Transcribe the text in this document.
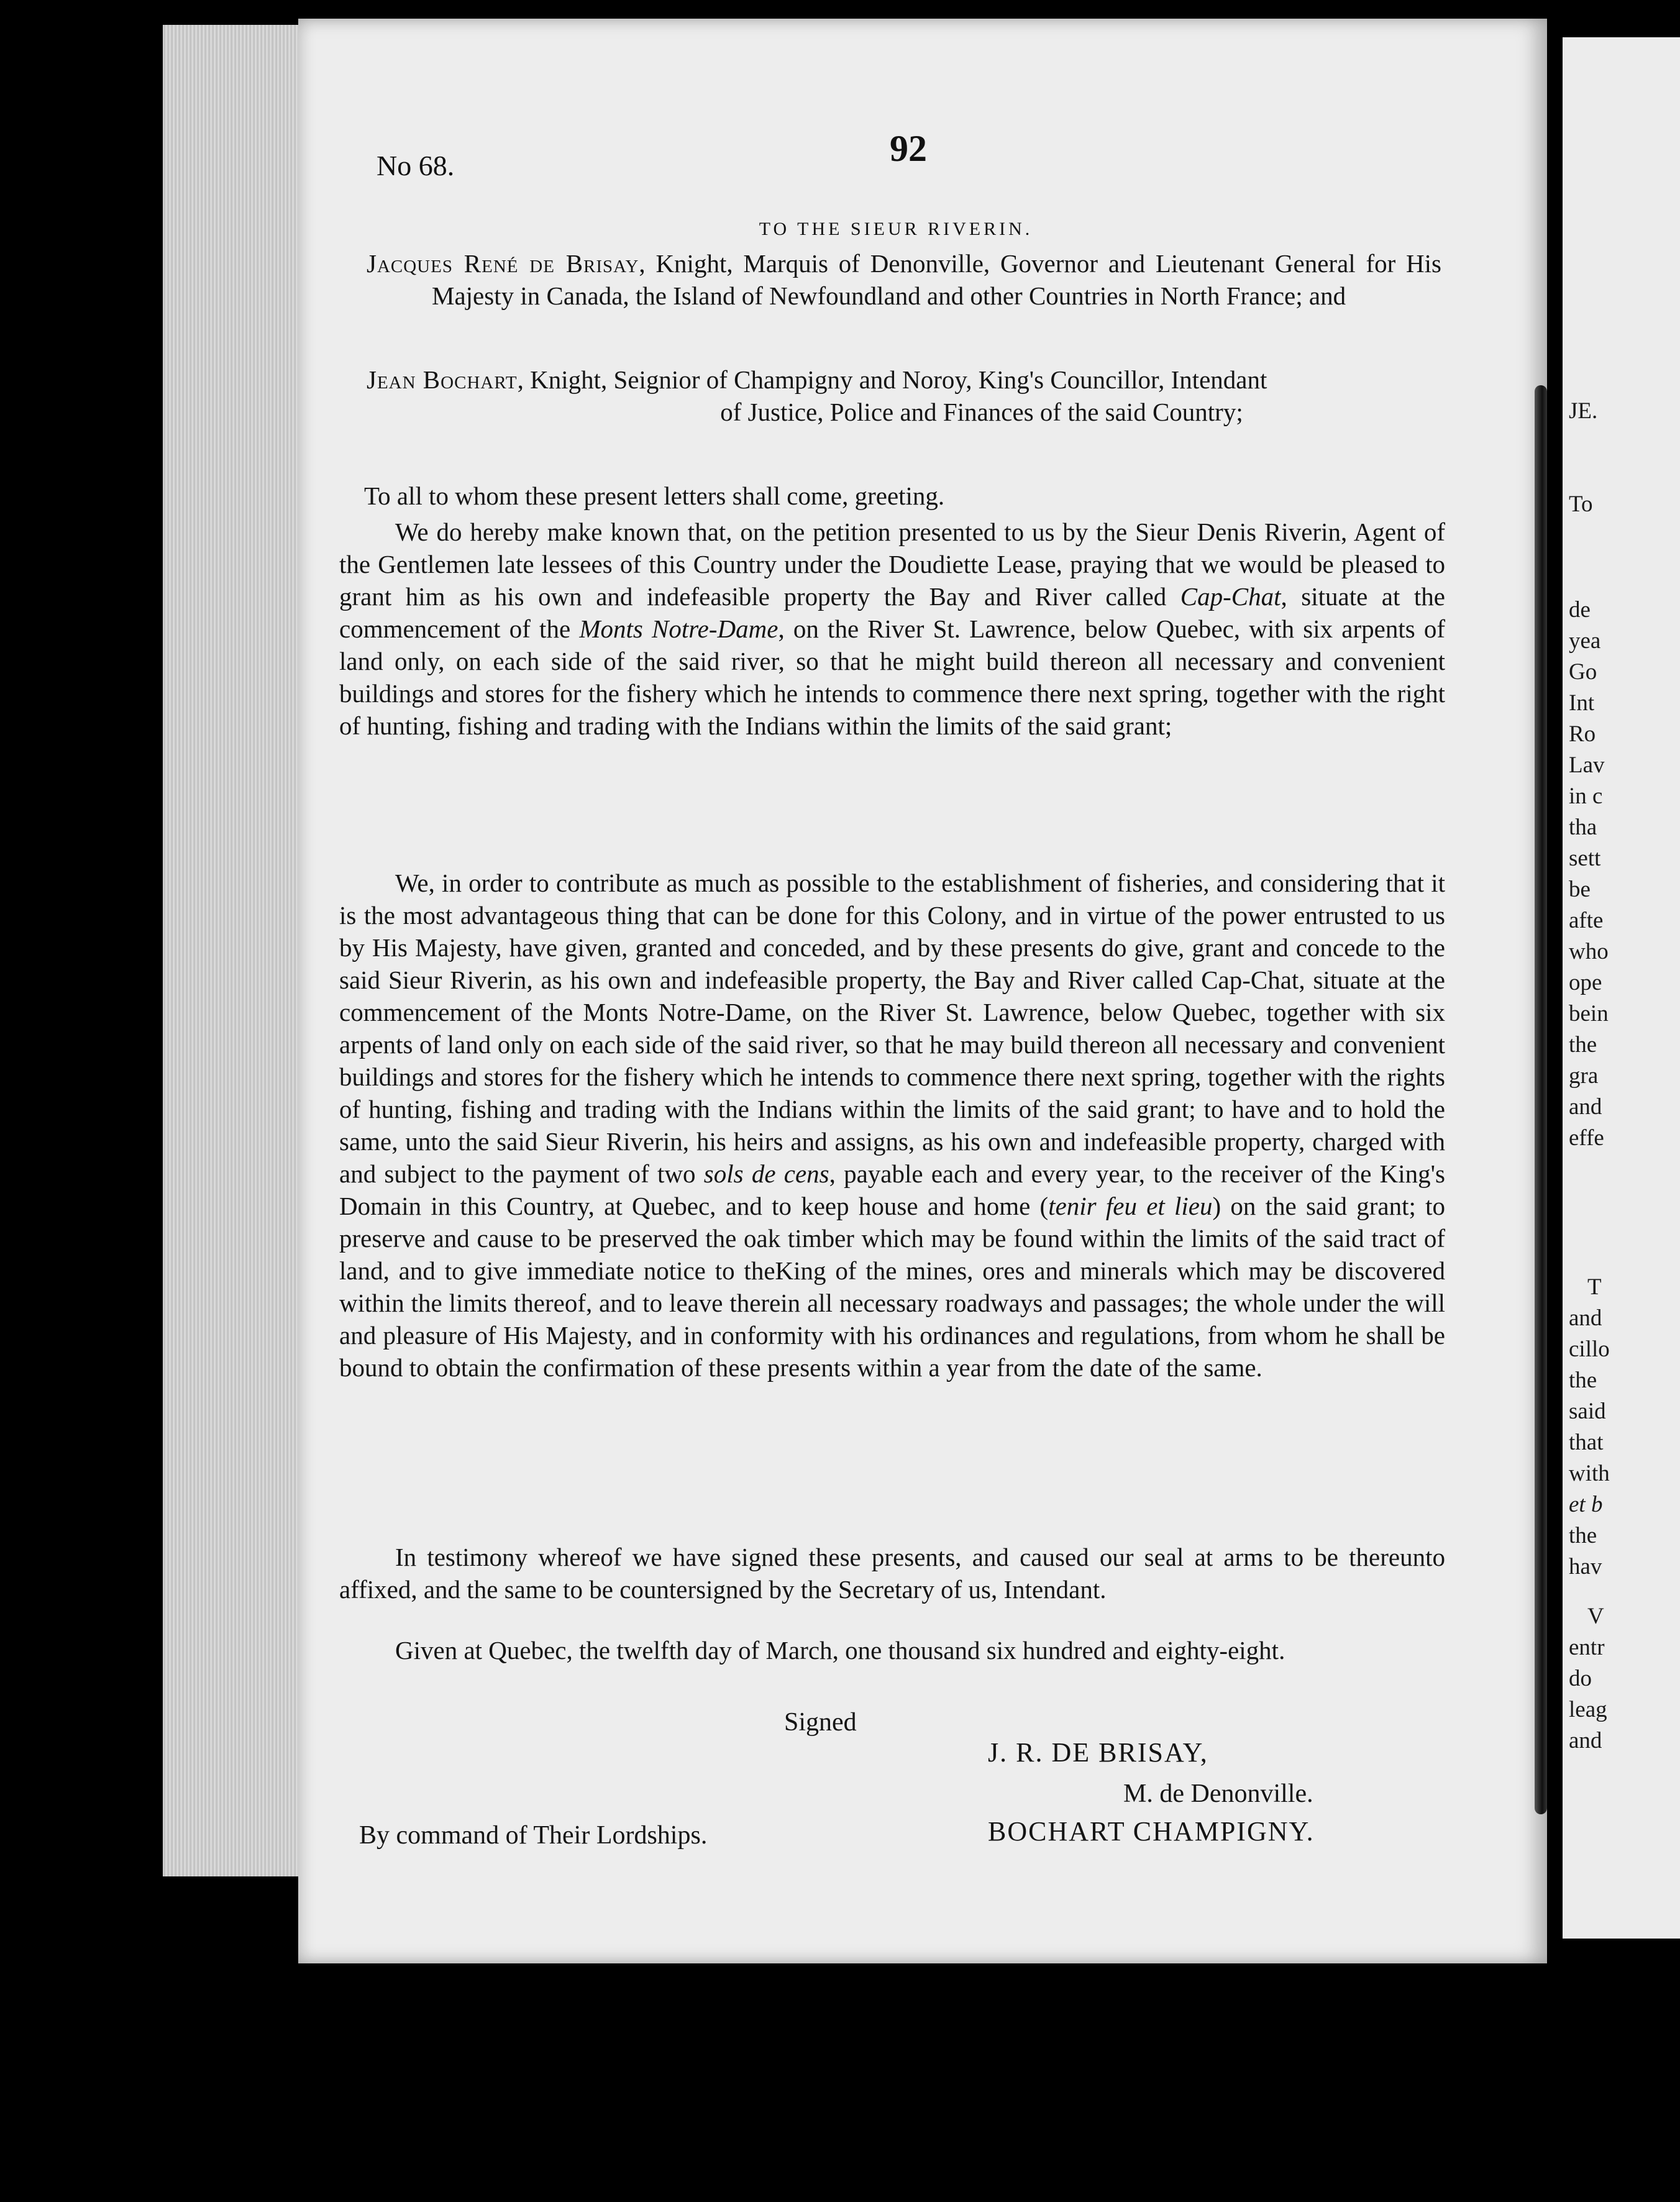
JE.
To
de
yea
Go
Int
Ro
Lav
in c
tha
sett
be
afte
who
ope
bein
the
gra
and
effe
T
and
cillo
the
said
that
with
et b
the
hav
V
entr
do
leag
and
No 68.	92
TO THE SIEUR RIVERIN.

Jacques René de Brisay, Knight, Marquis of Denonville, Governor and Lieutenant General for His Majesty in Canada, the Island of Newfoundland and other Countries in North France; and

Jean Bochart, Knight, Seignior of Champigny and Noroy, King's Councillor, Intendant

of Justice, Police and Finances of the said Country;

To all to whom these present letters shall come, greeting.

We do hereby make known that, on the petition presented to us by the Sieur Denis Riverin, Agent of the Gentlemen late lessees of this Country under the Doudiette Lease, praying that we would be pleased to grant him as his own and indefeasible property the Bay and River called Cap-Chat, situate at the commencement of the Monts Notre-Dame, on the River St. Lawrence, below Quebec, with six arpents of land only, on each side of the said river, so that he might build thereon all necessary and convenient buildings and stores for the fishery which he intends to commence there next spring, together with the right of hunting, fishing and trading with the Indians within the limits of the said grant;

We, in order to contribute as much as possible to the establishment of fisheries, and considering that it is the most advantageous thing that can be done for this Colony, and in virtue of the power entrusted to us by His Majesty, have given, granted and conceded, and by these presents do give, grant and concede to the said Sieur Riverin, as his own and indefeasible property, the Bay and River called Cap-Chat, situate at the commencement of the Monts Notre-Dame, on the River St. Lawrence, below Quebec, together with six arpents of land only on each side of the said river, so that he may build thereon all necessary and convenient buildings and stores for the fishery which he intends to commence there next spring, together with the rights of hunting, fishing and trading with the Indians within the limits of the said grant; to have and to hold the same, unto the said Sieur Riverin, his heirs and assigns, as his own and indefeasible property, charged with and subject to the payment of two sols de cens, payable each and every year, to the receiver of the King's Domain in this Country, at Quebec, and to keep house and home (tenir feu et lieu) on the said grant; to preserve and cause to be preserved the oak timber which may be found within the limits of the said tract of land, and to give immediate notice to theKing of the mines, ores and minerals which may be discovered within the limits thereof, and to leave therein all necessary roadways and passages; the whole under the will and pleasure of His Majesty, and in conformity with his ordinances and regulations, from whom he shall be bound to obtain the confirmation of these presents within a year from the date of the same.

In testimony whereof we have signed these presents, and caused our seal at arms to be thereunto affixed, and the same to be countersigned by the Secretary of us, Intendant.

Given at Quebec, the twelfth day of March, one thousand six hundred and eighty-eight.

Signed
J. R. DE BRISAY,
M. de Denonville.
By command of Their Lordships.	BOCHART CHAMPIGNY.
